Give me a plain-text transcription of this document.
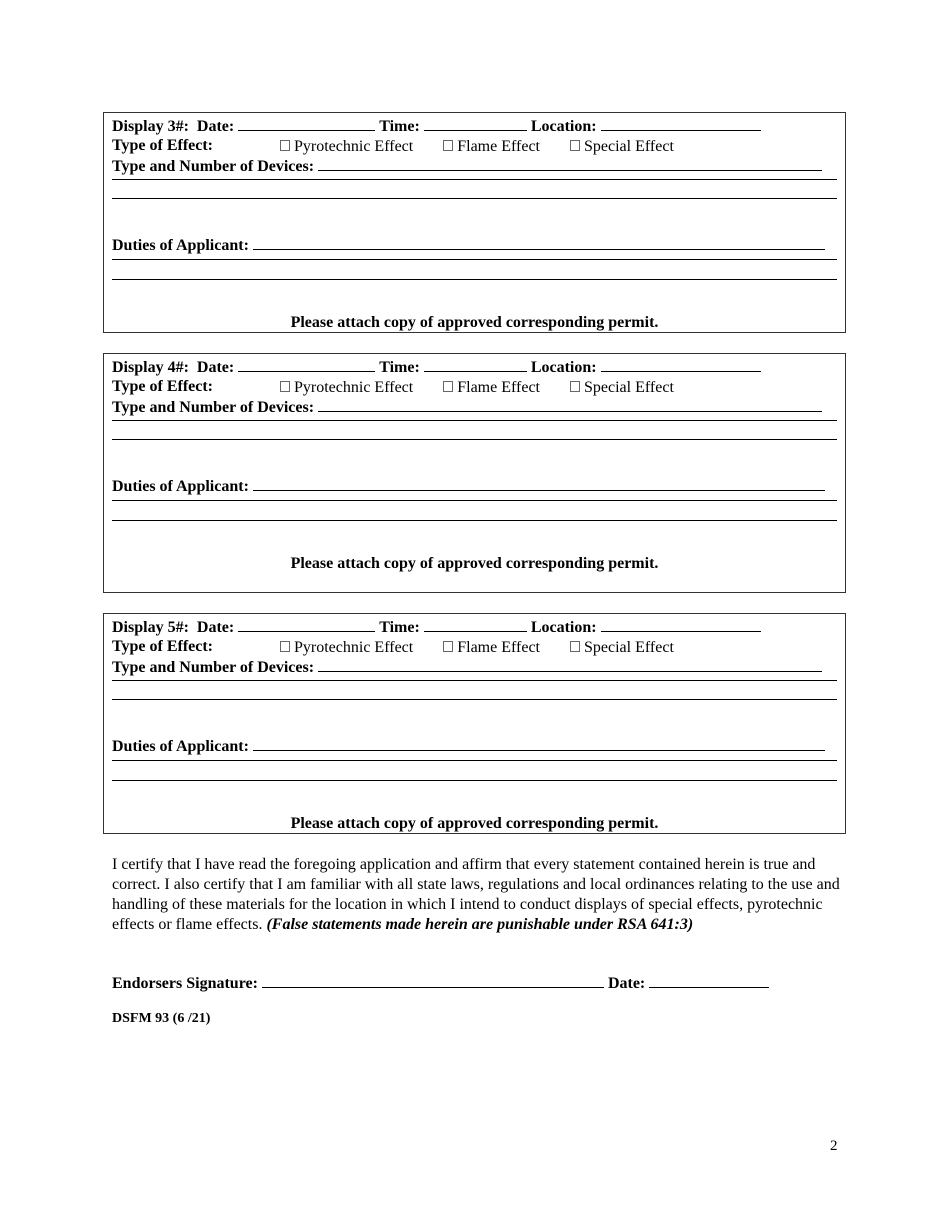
Display 3#: Date:	Time:	Location:
Type of Effect:	Pyrotechnic Effect	Flame Effect	Special Effect
Type and Number of Devices:
Duties of Applicant:
Please attach copy of approved corresponding permit.
Display 4#: Date:	Time:	Location:
Type of Effect:	Pyrotechnic Effect	Flame Effect	Special Effect
Type and Number of Devices:
Duties of Applicant:
Please attach copy of approved corresponding permit.
Display 5#: Date:	Time:	Location:
Type of Effect:	Pyrotechnic Effect	Flame Effect	Special Effect
Type and Number of Devices:
Duties of Applicant:
Please attach copy of approved corresponding permit.
I certify that I have read the foregoing application and affirm that every statement contained herein is true and correct. I also certify that I am familiar with all state laws, regulations and local ordinances relating to the use and handling of these materials for the location in which I intend to conduct displays of special effects, pyrotechnic effects or flame effects. (False statements made herein are punishable under RSA 641:3)
Endorsers Signature:	Date:
DSFM 93 (6 /21)
2
